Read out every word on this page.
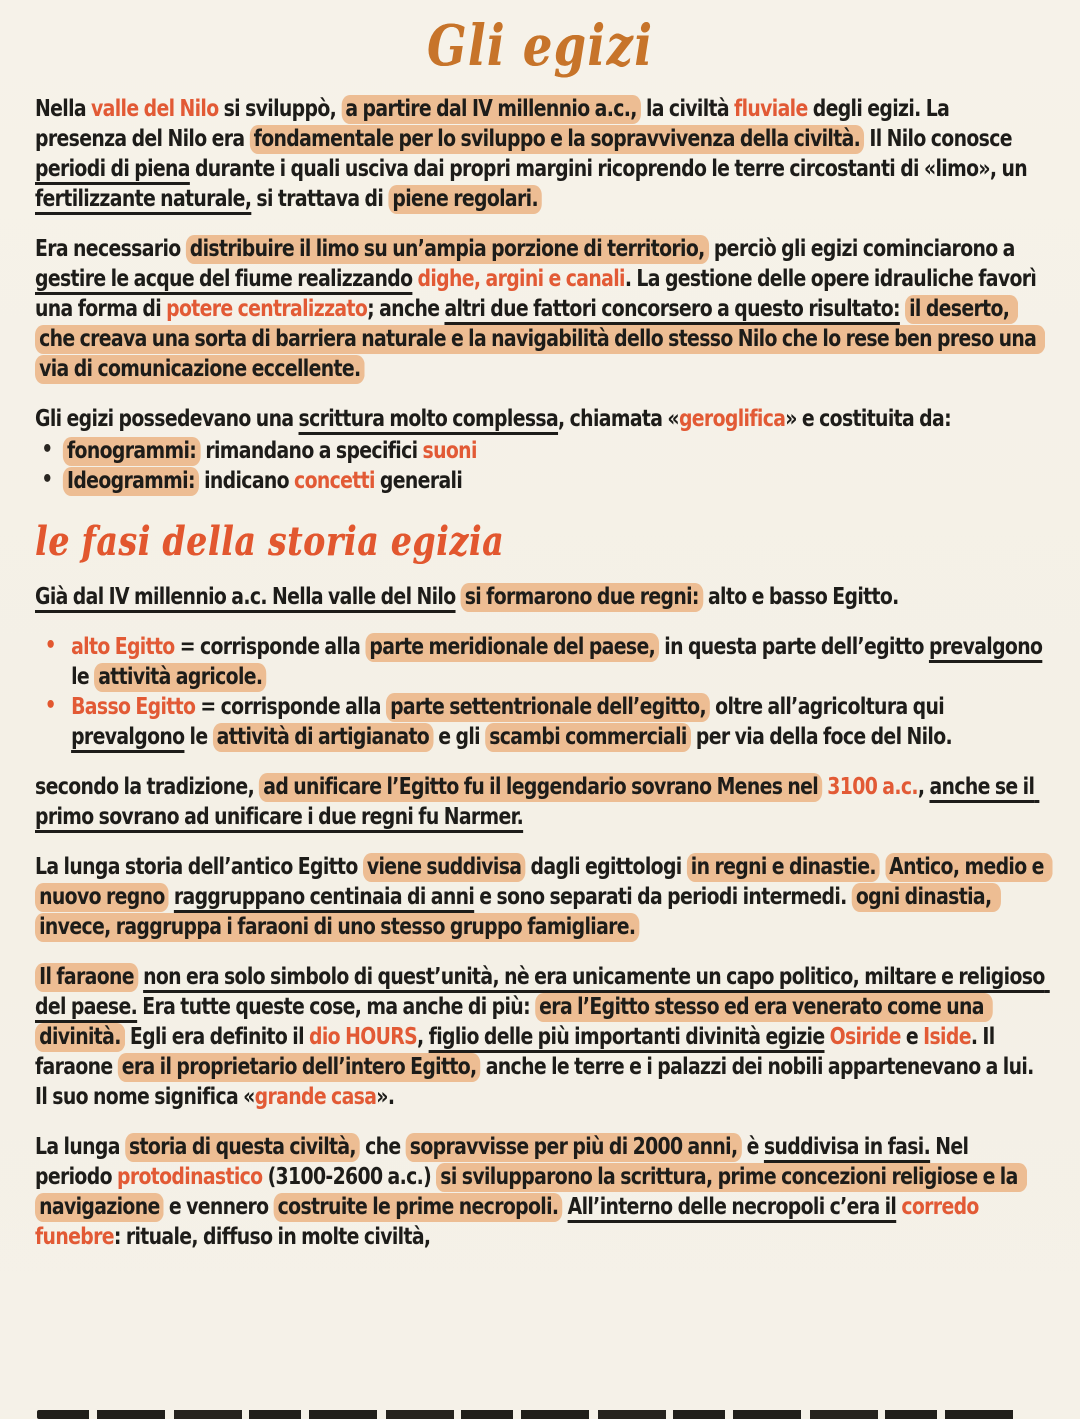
Gli egizi

Nella valle del Nilo si sviluppò, a partire dal IV millennio a.c., la civiltà fluviale degli egizi. La presenza del Nilo era fondamentale per lo sviluppo e la sopravvivenza della civiltà. Il Nilo conosce periodi di piena durante i quali usciva dai propri margini ricoprendo le terre circostanti di «limo», un fertilizzante naturale, si trattava di piene regolari.

Era necessario distribuire il limo su un’ampia porzione di territorio, perciò gli egizi cominciarono a gestire le acque del fiume realizzando dighe, argini e canali. La gestione delle opere idrauliche favorì una forma di potere centralizzato; anche altri due fattori concorsero a questo risultato: il deserto, che creava una sorta di barriera naturale e la navigabilità dello stesso Nilo che lo rese ben preso una via di comunicazione eccellente.

Gli egizi possedevano una scrittura molto complessa, chiamata «geroglifica» e costituita da:

• fonogrammi: rimandano a specifici suoni
• Ideogrammi: indicano concetti generali
le fasi della storia egizia

Già dal IV millennio a.c. Nella valle del Nilo si formarono due regni: alto e basso Egitto.

• alto Egitto = corrisponde alla parte meridionale del paese, in questa parte dell’egitto prevalgono le attività agricole.
• Basso Egitto = corrisponde alla parte settentrionale dell’egitto, oltre all’agricoltura qui prevalgono le attività di artigianato e gli scambi commerciali per via della foce del Nilo.

secondo la tradizione, ad unificare l’Egitto fu il leggendario sovrano Menes nel 3100 a.c., anche se il primo sovrano ad unificare i due regni fu Narmer.

La lunga storia dell’antico Egitto viene suddivisa dagli egittologi in regni e dinastie. Antico, medio e nuovo regno raggruppano centinaia di anni e sono separati da periodi intermedi. ogni dinastia, invece, raggruppa i faraoni di uno stesso gruppo famigliare.

Il faraone non era solo simbolo di quest’unità, nè era unicamente un capo politico, miltare e religioso del paese. Era tutte queste cose, ma anche di più: era l’Egitto stesso ed era venerato come una divinità. Egli era definito il dio HOURS, figlio delle più importanti divinità egizie Osiride e Iside. Il faraone era il proprietario dell’intero Egitto, anche le terre e i palazzi dei nobili appartenevano a lui. Il suo nome significa «grande casa».

La lunga storia di questa civiltà, che sopravvisse per più di 2000 anni, è suddivisa in fasi. Nel periodo protodinastico (3100-2600 a.c.) si svilupparono la scrittura, prime concezioni religiose e la navigazione e vennero costruite le prime necropoli. All’interno delle necropoli c’era il corredo funebre: rituale, diffuso in molte civiltà,
